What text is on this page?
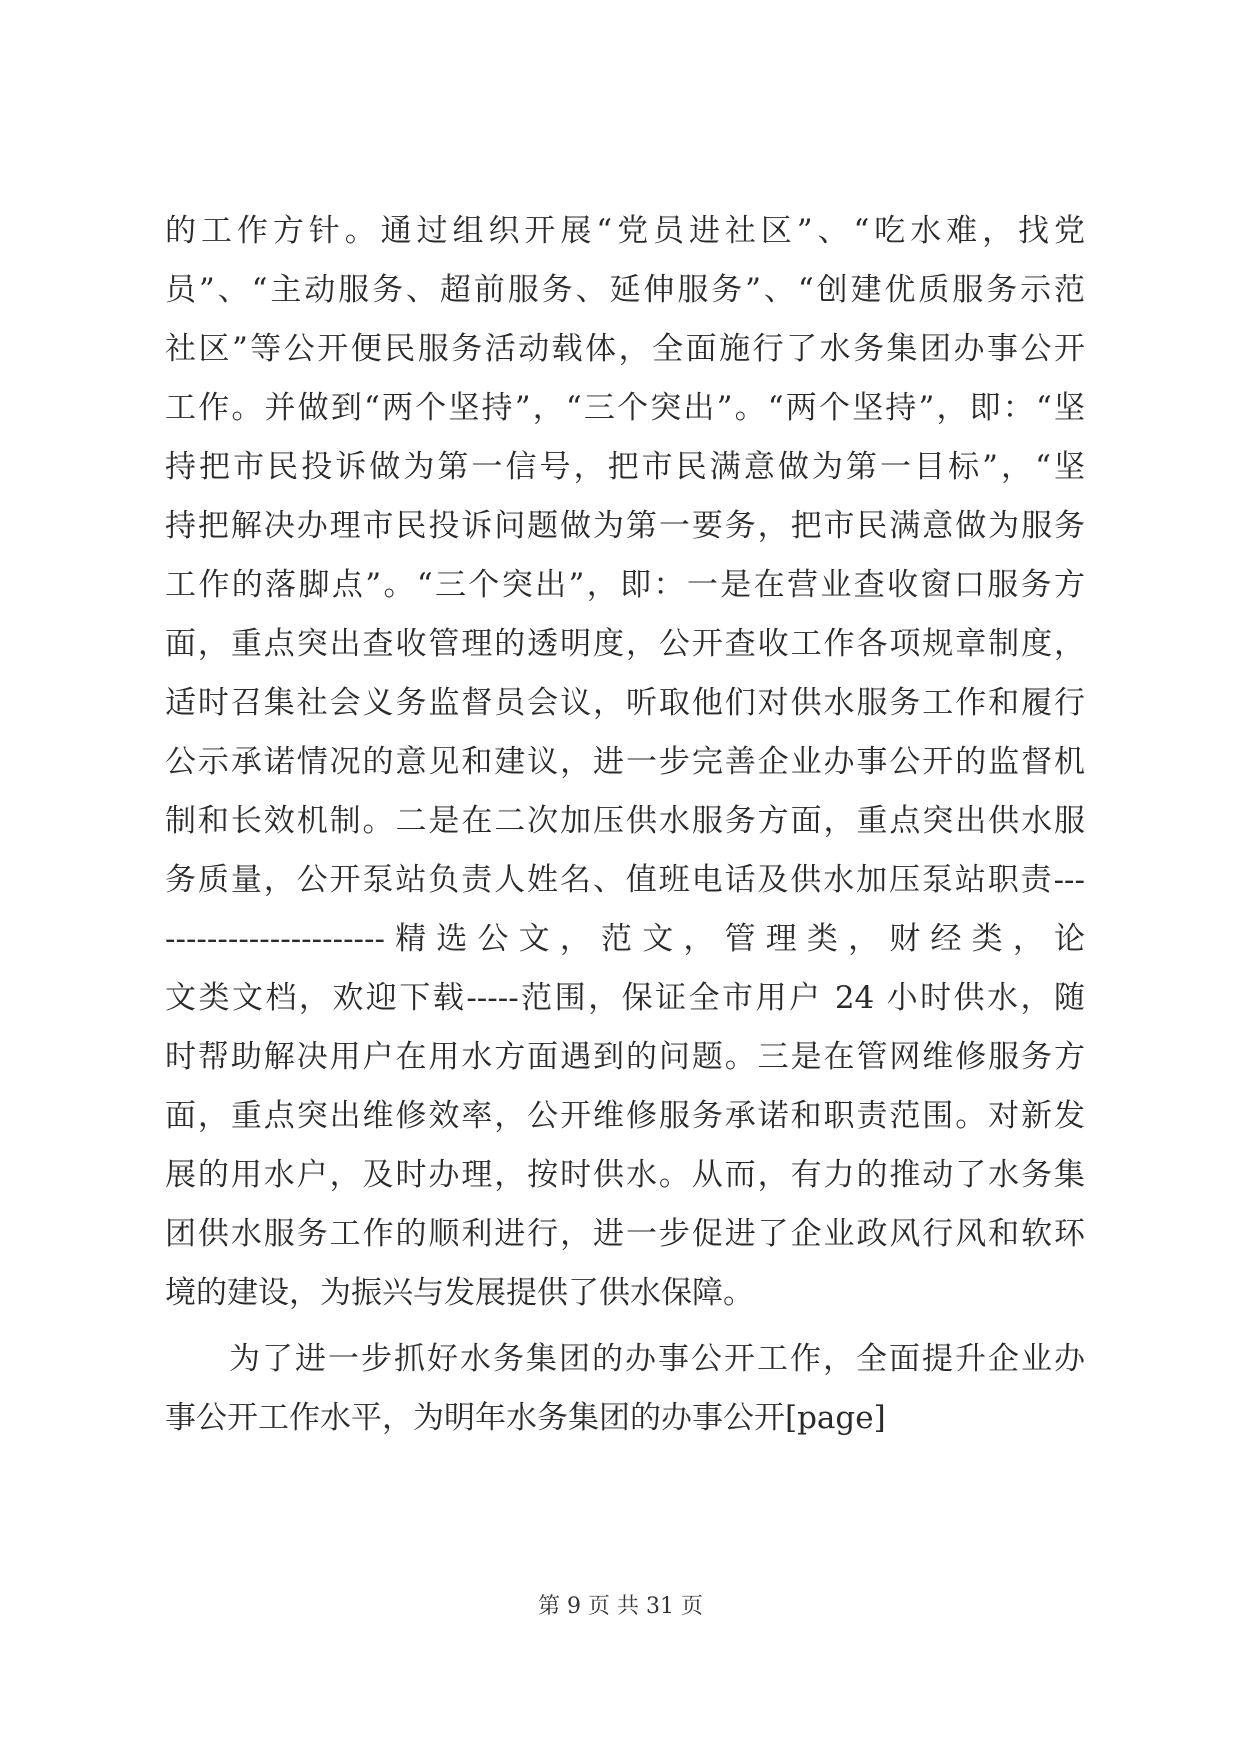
的工作方针。通过组织开展“党员进社区”、“吃水难，找党
员”、“主动服务、超前服务、延伸服务”、“创建优质服务示范
社区”等公开便民服务活动载体，全面施行了水务集团办事公开
工作。并做到“两个坚持”，“三个突出”。“两个坚持”，即：“坚
持把市民投诉做为第一信号，把市民满意做为第一目标”，“坚
持把解决办理市民投诉问题做为第一要务，把市民满意做为服务
工作的落脚点”。“三个突出”，即：一是在营业查收窗口服务方
面，重点突出查收管理的透明度，公开查收工作各项规章制度，
适时召集社会义务监督员会议，听取他们对供水服务工作和履行
公示承诺情况的意见和建议，进一步完善企业办事公开的监督机
制和长效机制。二是在二次加压供水服务方面，重点突出供水服
务质量，公开泵站负责人姓名、值班电话及供水加压泵站职责---
---------------------精选公文，范文，管理类，财经类，论
文类文档，欢迎下载-----范围，保证全市用户 24 小时供水，随
时帮助解决用户在用水方面遇到的问题。三是在管网维修服务方
面，重点突出维修效率，公开维修服务承诺和职责范围。对新发
展的用水户，及时办理，按时供水。从而，有力的推动了水务集
团供水服务工作的顺利进行，进一步促进了企业政风行风和软环
境的建设，为振兴与发展提供了供水保障。
为了进一步抓好水务集团的办事公开工作，全面提升企业办
事公开工作水平，为明年水务集团的办事公开[page]
第 9 页 共 31 页
